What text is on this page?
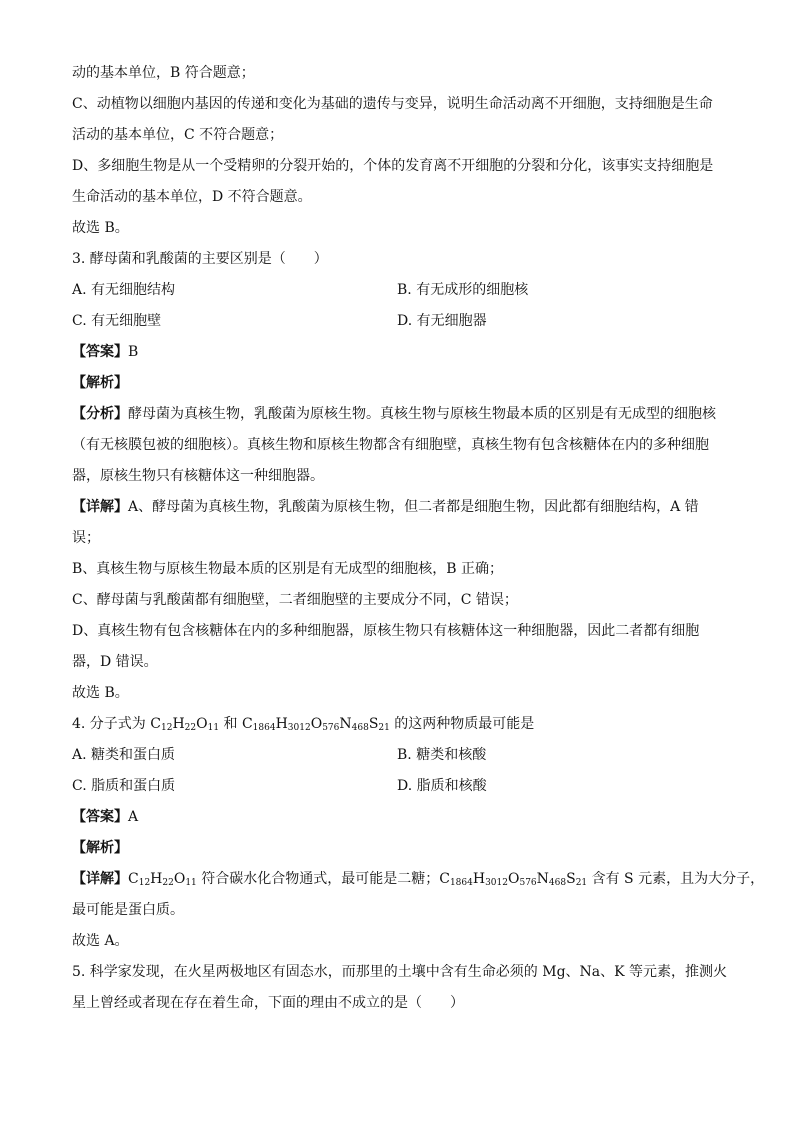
动的基本单位，B 符合题意；
C、动植物以细胞内基因的传递和变化为基础的遗传与变异，说明生命活动离不开细胞，支持细胞是生命
活动的基本单位，C 不符合题意；
D、多细胞生物是从一个受精卵的分裂开始的，个体的发育离不开细胞的分裂和分化，该事实支持细胞是
生命活动的基本单位，D 不符合题意。
故选 B。
3. 酵母菌和乳酸菌的主要区别是（　　）
A. 有无细胞结构	B. 有无成形的细胞核
C. 有无细胞壁	D. 有无细胞器
【答案】B
【解析】
【分析】酵母菌为真核生物，乳酸菌为原核生物。真核生物与原核生物最本质的区别是有无成型的细胞核
（有无核膜包被的细胞核）。真核生物和原核生物都含有细胞壁，真核生物有包含核糖体在内的多种细胞
器，原核生物只有核糖体这一种细胞器。
【详解】A、酵母菌为真核生物，乳酸菌为原核生物，但二者都是细胞生物，因此都有细胞结构，A 错
误；
B、真核生物与原核生物最本质的区别是有无成型的细胞核，B 正确；
C、酵母菌与乳酸菌都有细胞壁，二者细胞壁的主要成分不同，C 错误；
D、真核生物有包含核糖体在内的多种细胞器，原核生物只有核糖体这一种细胞器，因此二者都有细胞
器，D 错误。
故选 B。
4. 分子式为 $C_{12}H_{22}O_{11}$ 和 $C_{1864}H_{3012}O_{576}N_{468}S_{21}$ 的这两种物质最可能是
A. 糖类和蛋白质	B. 糖类和核酸
C. 脂质和蛋白质	D. 脂质和核酸
【答案】A
【解析】
【详解】$C_{12}H_{22}O_{11}$ 符合碳水化合物通式，最可能是二糖；$C_{1864}H_{3012}O_{576}N_{468}S_{21}$ 含有 S 元素，且为大分子，
最可能是蛋白质。
故选 A。
5. 科学家发现，在火星两极地区有固态水，而那里的土壤中含有生命必须的 Mg、Na、K 等元素，推测火
星上曾经或者现在存在着生命，下面的理由不成立的是（　　）
